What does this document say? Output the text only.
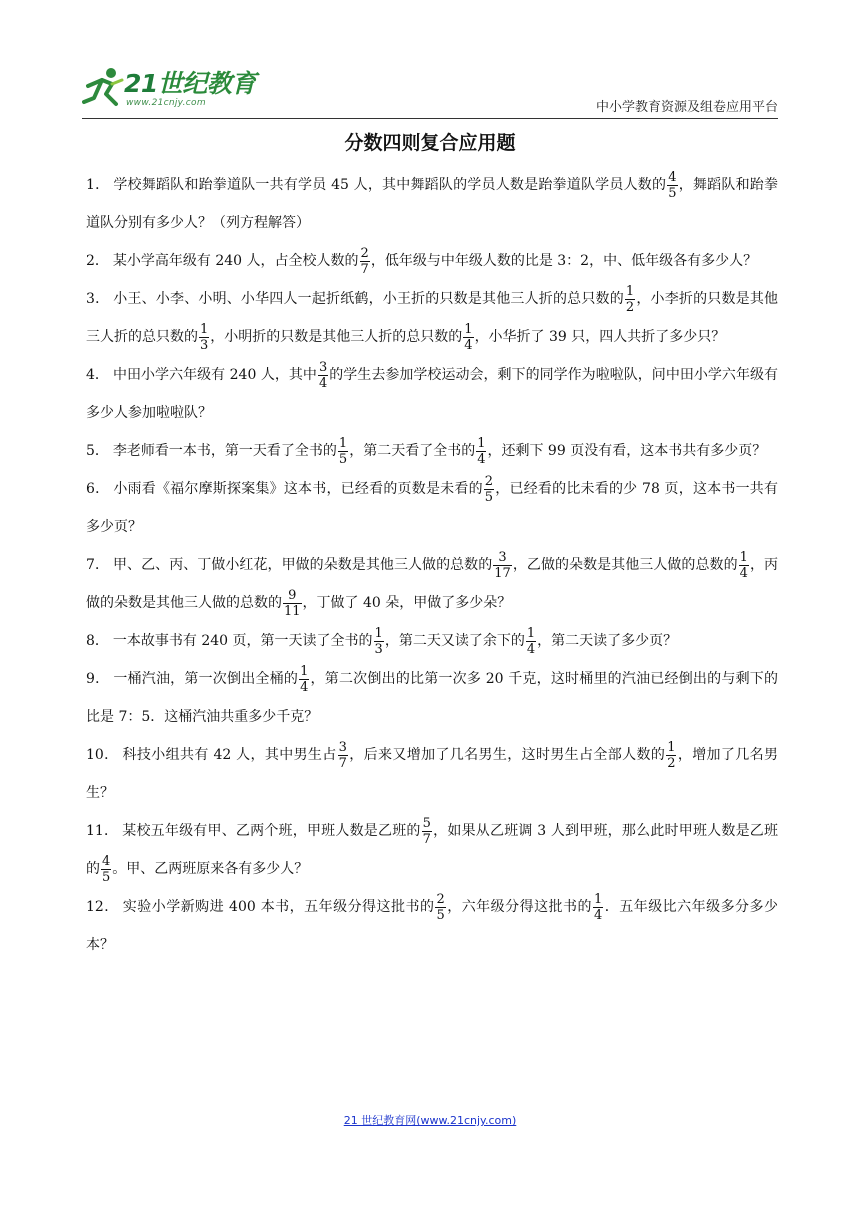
21世纪教育
www.21cnjy.com	中小学教育资源及组卷应用平台
分数四则复合应用题

1． 学校舞蹈队和跆拳道队一共有学员 45 人，其中舞蹈队的学员人数是跆拳道队学员人数的 $\frac{4}{5}$ ，舞蹈队和跆拳道队分别有多少人？（列方程解答）

2． 某小学高年级有 240 人，占全校人数的 $\frac{2}{7}$ ，低年级与中年级人数的比是 3：2，中、低年级各有多少人？

3． 小王、小李、小明、小华四人一起折纸鹤，小王折的只数是其他三人折的总只数的 $\frac{1}{2}$ ，小李折的只数是其他三人折的总只数的 $\frac{1}{3}$ ，小明折的只数是其他三人折的总只数的 $\frac{1}{4}$ ，小华折了 39 只，四人共折了多少只？

4． 中田小学六年级有 240 人，其中 $\frac{3}{4}$ 的学生去参加学校运动会，剩下的同学作为啦啦队，问中田小学六年级有多少人参加啦啦队？

5． 李老师看一本书，第一天看了全书的 $\frac{1}{5}$ ，第二天看了全书的 $\frac{1}{4}$ ，还剩下 99 页没有看，这本书共有多少页？

6． 小雨看《福尔摩斯探案集》这本书，已经看的页数是未看的 $\frac{2}{5}$ ，已经看的比未看的少 78 页，这本书一共有多少页？

7． 甲、乙、丙、丁做小红花，甲做的朵数是其他三人做的总数的 $\frac{3}{17}$ ，乙做的朵数是其他三人做的总数的 $\frac{1}{4}$ ，丙做的朵数是其他三人做的总数的 $\frac{9}{11}$ ，丁做了 40 朵，甲做了多少朵？

8． 一本故事书有 240 页，第一天读了全书的 $\frac{1}{3}$ ，第二天又读了余下的 $\frac{1}{4}$ ，第二天读了多少页？

9． 一桶汽油，第一次倒出全桶的 $\frac{1}{4}$ ，第二次倒出的比第一次多 20 千克，这时桶里的汽油已经倒出的与剩下的比是 7：5．这桶汽油共重多少千克？

10． 科技小组共有 42 人，其中男生占 $\frac{3}{7}$ ，后来又增加了几名男生，这时男生占全部人数的 $\frac{1}{2}$ ，增加了几名男生？

11． 某校五年级有甲、乙两个班，甲班人数是乙班的 $\frac{5}{7}$ ，如果从乙班调 3 人到甲班，那么此时甲班人数是乙班的 $\frac{4}{5}$ 。甲、乙两班原来各有多少人？

12． 实验小学新购进 400 本书，五年级分得这批书的 $\frac{2}{5}$ ，六年级分得这批书的 $\frac{1}{4}$ ．五年级比六年级多分多少本？

21 世纪教育网(www.21cnjy.com)
